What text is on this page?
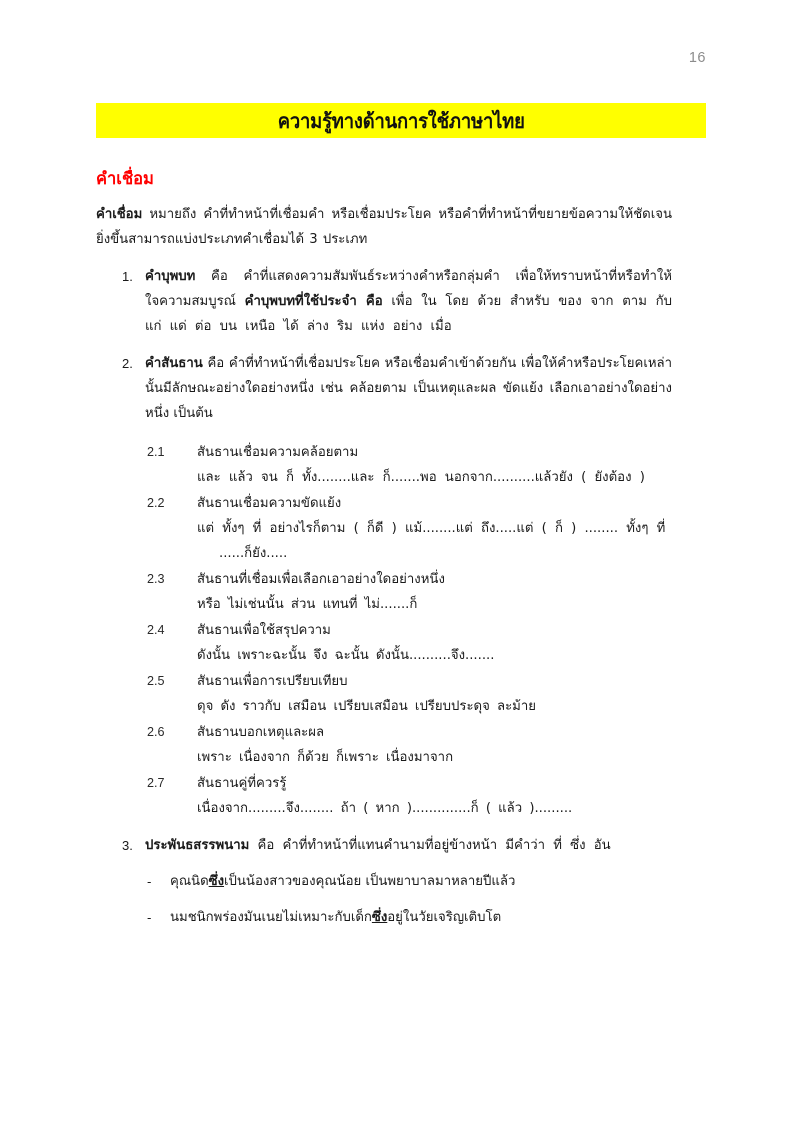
16
ความรู้ทางด้านการใช้ภาษาไทย
คำเชื่อม

คำเชื่อม หมายถึง คำที่ทำหน้าที่เชื่อมคำ หรือเชื่อมประโยค หรือคำที่ทำหน้าที่ขยายข้อความให้ชัดเจน ยิ่งขึ้นสามารถแบ่งประเภทคำเชื่อมได้ 3 ประเภท

1. คำบุพบท คือ คำที่แสดงความสัมพันธ์ระหว่างคำหรือกลุ่มคำ เพื่อให้ทราบหน้าที่หรือทำให้ใจความสมบูรณ์ คำบุพบทที่ใช้ประจำ คือ เพื่อ ใน โดย ด้วย สำหรับ ของ จาก ตาม กับ แก่ แด่ ต่อ บน เหนือ ได้ ล่าง ริม แห่ง อย่าง เมื่อ
2. คำสันธาน คือ คำที่ทำหน้าที่เชื่อมประโยค หรือเชื่อมคำเข้าด้วยกัน เพื่อให้คำหรือประโยคเหล่านั้นมีลักษณะอย่างใดอย่างหนึ่ง เช่น คล้อยตาม เป็นเหตุและผล ขัดแย้ง เลือกเอาอย่างใดอย่างหนึ่ง เป็นต้น
2.1 สันธานเชื่อมความคล้อยตาม
และ แล้ว จน ก็ ทั้ง........และ ก็.......พอ นอกจาก..........แล้วยัง ( ยังต้อง )
2.2 สันธานเชื่อมความขัดแย้ง
แต่ ทั้งๆ ที่ อย่างไรก็ตาม ( ก็ดี ) แม้........แต่ ถึง.....แต่ ( ก็ ) ........ ทั้งๆ ที่
......ก็ยัง.....
2.3 สันธานที่เชื่อมเพื่อเลือกเอาอย่างใดอย่างหนึ่ง
หรือ ไม่เช่นนั้น ส่วน แทนที่ ไม่.......ก็
2.4 สันธานเพื่อใช้สรุปความ
ดังนั้น เพราะฉะนั้น จึง ฉะนั้น ดังนั้น..........จึง.......
2.5 สันธานเพื่อการเปรียบเทียบ
ดุจ ดัง ราวกับ เสมือน เปรียบเสมือน เปรียบประดุจ ละม้าย
2.6 สันธานบอกเหตุและผล
เพราะ เนื่องจาก ก็ด้วย ก็เพราะ เนื่องมาจาก
2.7 สันธานคู่ที่ควรรู้
เนื่องจาก.........จึง........ ถ้า ( หาก )..............ก็ ( แล้ว ).........
3. ประพันธสรรพนาม คือ คำที่ทำหน้าที่แทนคำนามที่อยู่ข้างหน้า มีคำว่า ที่ ซึ่ง อัน
- คุณนิดซึ่งเป็นน้องสาวของคุณน้อย เป็นพยาบาลมาหลายปีแล้ว
- นมชนิกพร่องมันเนยไม่เหมาะกับเด็กซึ่งอยู่ในวัยเจริญเติบโต
